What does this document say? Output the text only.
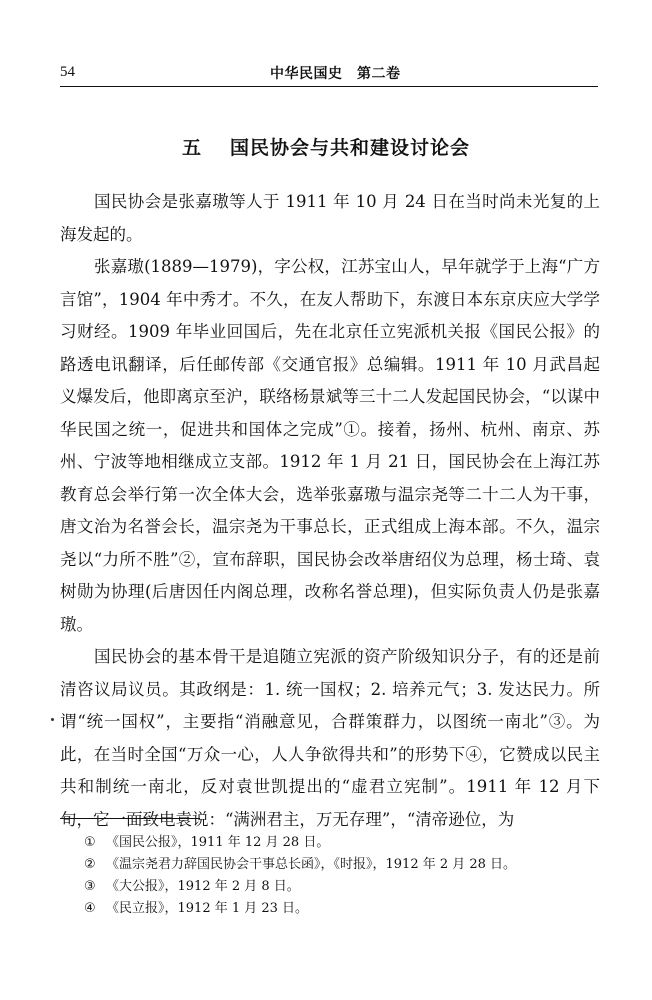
54	中华民国史　第二卷
五 国民协会与共和建设讨论会

国民协会是张嘉璈等人于 1911 年 10 月 24 日在当时尚未光复的上海发起的。

张嘉璈(1889—1979)，字公权，江苏宝山人，早年就学于上海“广方言馆”，1904 年中秀才。不久，在友人帮助下，东渡日本东京庆应大学学习财经。1909 年毕业回国后，先在北京任立宪派机关报《国民公报》的路透电讯翻译，后任邮传部《交通官报》总编辑。1911 年 10 月武昌起义爆发后，他即离京至沪，联络杨景斌等三十二人发起国民协会，“以谋中华民国之统一，促进共和国体之完成”①。接着，扬州、杭州、南京、苏州、宁波等地相继成立支部。1912 年 1 月 21 日，国民协会在上海江苏教育总会举行第一次全体大会，选举张嘉璈与温宗尧等二十二人为干事，唐文治为名誉会长，温宗尧为干事总长，正式组成上海本部。不久，温宗尧以“力所不胜”②，宣布辞职，国民协会改举唐绍仪为总理，杨士琦、袁树勋为协理(后唐因任内阁总理，改称名誉总理)，但实际负责人仍是张嘉璈。

国民协会的基本骨干是追随立宪派的资产阶级知识分子，有的还是前清咨议局议员。其政纲是：1. 统一国权；2. 培养元气；3. 发达民力。所谓“统一国权”，主要指“消融意见，合群策群力，以图统一南北”③。为此，在当时全国“万众一心，人人争欲得共和”的形势下④，它赞成以民主共和制统一南北，反对袁世凯提出的“虚君立宪制”。1911 年 12 月下旬，它一面致电袁说：“满洲君主，万无存理”，“清帝逊位，为

① 《国民公报》，1911 年 12 月 28 日。
② 《温宗尧君力辞国民协会干事总长函》，《时报》，1912 年 2 月 28 日。
③ 《大公报》，1912 年 2 月 8 日。
④ 《民立报》，1912 年 1 月 23 日。
